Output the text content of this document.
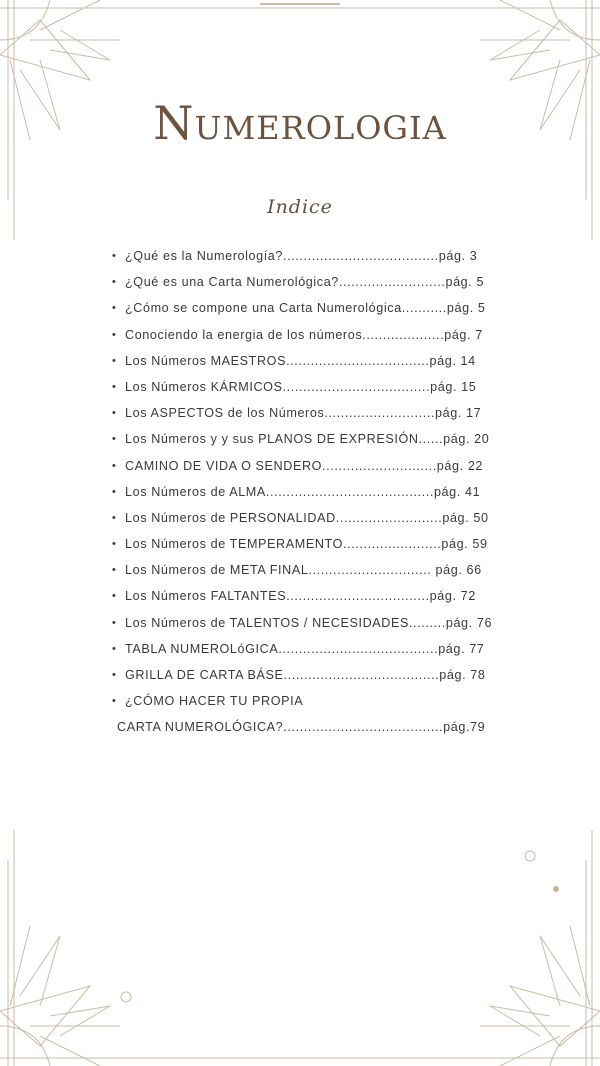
Numerologia
Indice
• ¿Qué es la Numerología?......................................pág. 3
• ¿Qué es una Carta Numerológica?..........................pág. 5
• ¿Cómo se compone una Carta Numerológica...........pág. 5
• Conociendo la energia de los números....................pág. 7
• Los Números MAESTROS...................................pág. 14
• Los Números KÁRMICOS....................................pág. 15
• Los ASPECTOS de los Números...........................pág. 17
• Los Números y y sus PLANOS DE EXPRESIÓN......pág. 20
• CAMINO DE VIDA O SENDERO............................pág. 22
• Los Números de ALMA.........................................pág. 41
• Los Números de PERSONALIDAD..........................pág. 50
• Los Números de TEMPERAMENTO........................pág. 59
• Los Números de META FINAL.............................. pág. 66
• Los Números FALTANTES...................................pág. 72
• Los Números de TALENTOS / NECESIDADES.........pág. 76
• TABLA NUMEROLóGICA.......................................pág. 77
• GRILLA DE CARTA BÁSE......................................pág. 78
• ¿CÓMO HACER TU PROPIA
CARTA NUMEROLÓGICA?.......................................pág.79
